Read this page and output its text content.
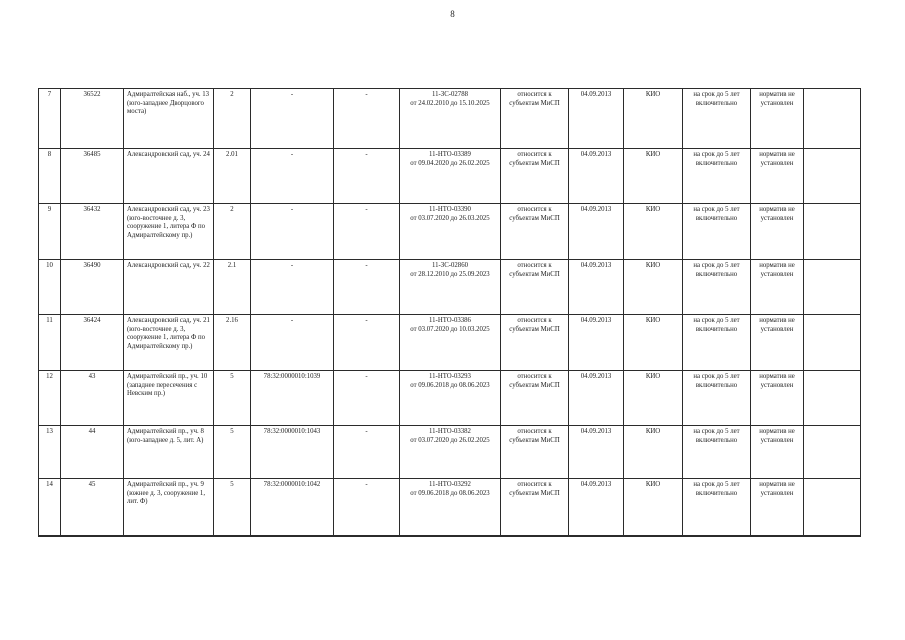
8
7	36522	Адмиралтейская наб., уч. 13 (юго-западнее Дворцового моста)	2	-	-	11-ЗС-02788
от 24.02.2010 до 15.10.2025	относится к субъектам МиСП	04.09.2013	КИО	на срок до 5 лет включительно	норматив не установлен	
8	36485	Александровский сад, уч. 24	2.01	-	-	11-НТО-03389
от 09.04.2020 до 26.02.2025	относится к субъектам МиСП	04.09.2013	КИО	на срок до 5 лет включительно	норматив не установлен	
9	36432	Александровский сад, уч. 23 (юго-восточнее д. 3, сооружение 1, литера Ф по Адмиралтейскому пр.)	2	-	-	11-НТО-03390
от 03.07.2020 до 26.03.2025	относится к субъектам МиСП	04.09.2013	КИО	на срок до 5 лет включительно	норматив не установлен	
10	36490	Александровский сад, уч. 22	2.1	-	-	11-ЗС-02860
от 28.12.2010 до 25.09.2023	относится к субъектам МиСП	04.09.2013	КИО	на срок до 5 лет включительно	норматив не установлен	
11	36424	Александровский сад, уч. 21 (юго-восточнее д. 3, сооружение 1, литера Ф по Адмиралтейскому пр.)	2.16	-	-	11-НТО-03386
от 03.07.2020 до 10.03.2025	относится к субъектам МиСП	04.09.2013	КИО	на срок до 5 лет включительно	норматив не установлен	
12	43	Адмиралтейский пр., уч. 10 (западнее пересечения с Невским пр.)	5	78:32:0000010:1039	-	11-НТО-03293
от 09.06.2018 до 08.06.2023	относится к субъектам МиСП	04.09.2013	КИО	на срок до 5 лет включительно	норматив не установлен	
13	44	Адмиралтейский пр., уч. 8 (юго-западнее д. 5, лит. А)	5	78:32:0000010:1043	-	11-НТО-03382
от 03.07.2020 до 26.02.2025	относится к субъектам МиСП	04.09.2013	КИО	на срок до 5 лет включительно	норматив не установлен	
14	45	Адмиралтейский пр., уч. 9 (южнее д. 3, сооружение 1, лит. Ф)	5	78:32:0000010:1042	-	11-НТО-03292
от 09.06.2018 до 08.06.2023	относится к субъектам МиСП	04.09.2013	КИО	на срок до 5 лет включительно	норматив не установлен	
